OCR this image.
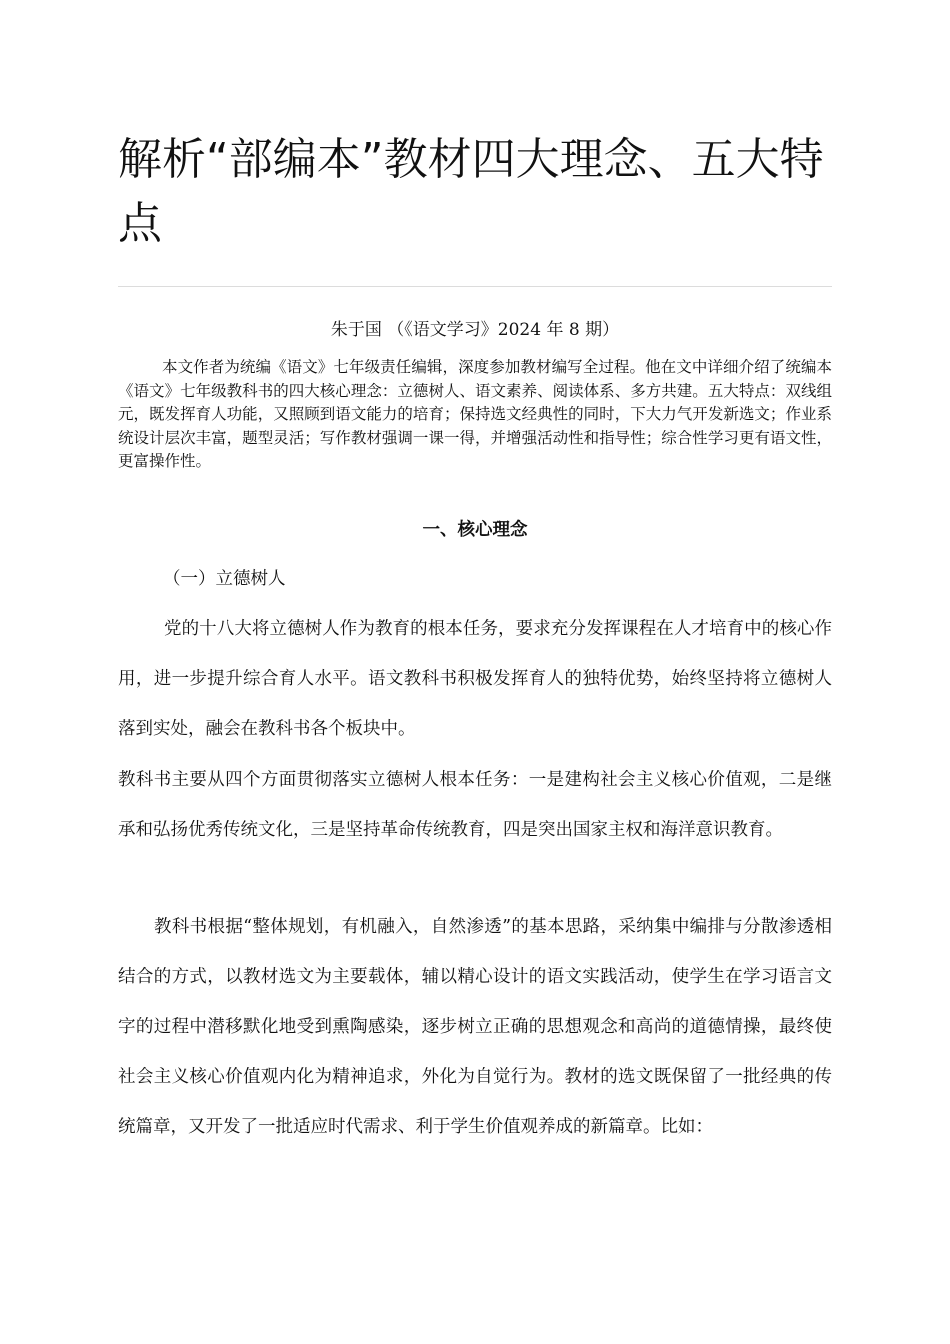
解析“部编本”教材四大理念、五大特点

朱于国 （《语文学习》2024 年 8 期）

本文作者为统编《语文》七年级责任编辑，深度参加教材编写全过程。他在文中详细介绍了统编本《语文》七年级教科书的四大核心理念：立德树人、语文素养、阅读体系、多方共建。五大特点：双线组元，既发挥育人功能，又照顾到语文能力的培育；保持选文经典性的同时，下大力气开发新选文；作业系统设计层次丰富，题型灵活；写作教材强调一课一得，并增强活动性和指导性；综合性学习更有语文性，更富操作性。

一、核心理念

（一）立德树人

党的十八大将立德树人作为教育的根本任务，要求充分发挥课程在人才培育中的核心作用，进一步提升综合育人水平。语文教科书积极发挥育人的独特优势，始终坚持将立德树人落到实处，融会在教科书各个板块中。

教科书主要从四个方面贯彻落实立德树人根本任务：一是建构社会主义核心价值观，二是继承和弘扬优秀传统文化，三是坚持革命传统教育，四是突出国家主权和海洋意识教育。

教科书根据“整体规划，有机融入，自然渗透”的基本思路，采纳集中编排与分散渗透相结合的方式，以教材选文为主要载体，辅以精心设计的语文实践活动，使学生在学习语言文字的过程中潜移默化地受到熏陶感染，逐步树立正确的思想观念和高尚的道德情操，最终使社会主义核心价值观内化为精神追求，外化为自觉行为。教材的选文既保留了一批经典的传统篇章，又开发了一批适应时代需求、利于学生价值观养成的新篇章。比如：
